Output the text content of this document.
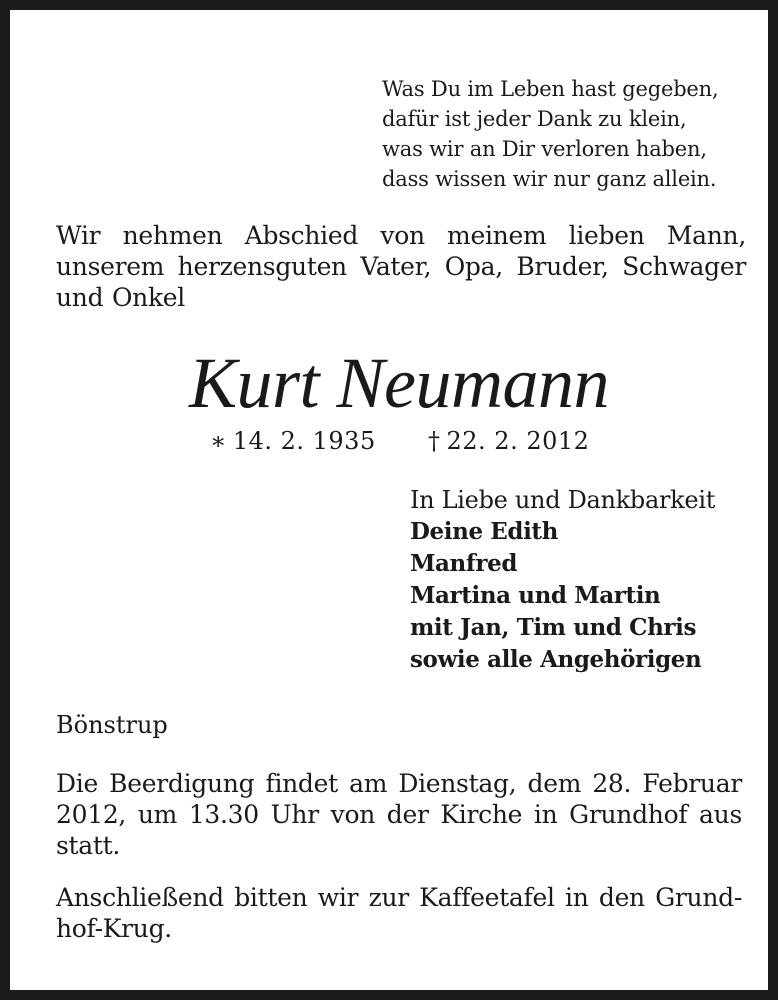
Was Du im Leben hast gegeben,
dafür ist jeder Dank zu klein,
was wir an Dir verloren haben,
dass wissen wir nur ganz allein.
Wir nehmen Abschied von meinem lieben Mann, unserem herzensguten Vater, Opa, Bruder, Schwager und Onkel
Kurt Neumann
∗ 14. 2. 1935 † 22. 2. 2012
In Liebe und Dankbarkeit
Deine Edith
Manfred
Martina und Martin
mit Jan, Tim und Chris
sowie alle Angehörigen
Bönstrup
Die Beerdigung findet am Dienstag, dem 28. Februar 2012, um 13.30 Uhr von der Kirche in Grundhof aus statt.
Anschließend bitten wir zur Kaffeetafel in den Grund-hof-Krug.
